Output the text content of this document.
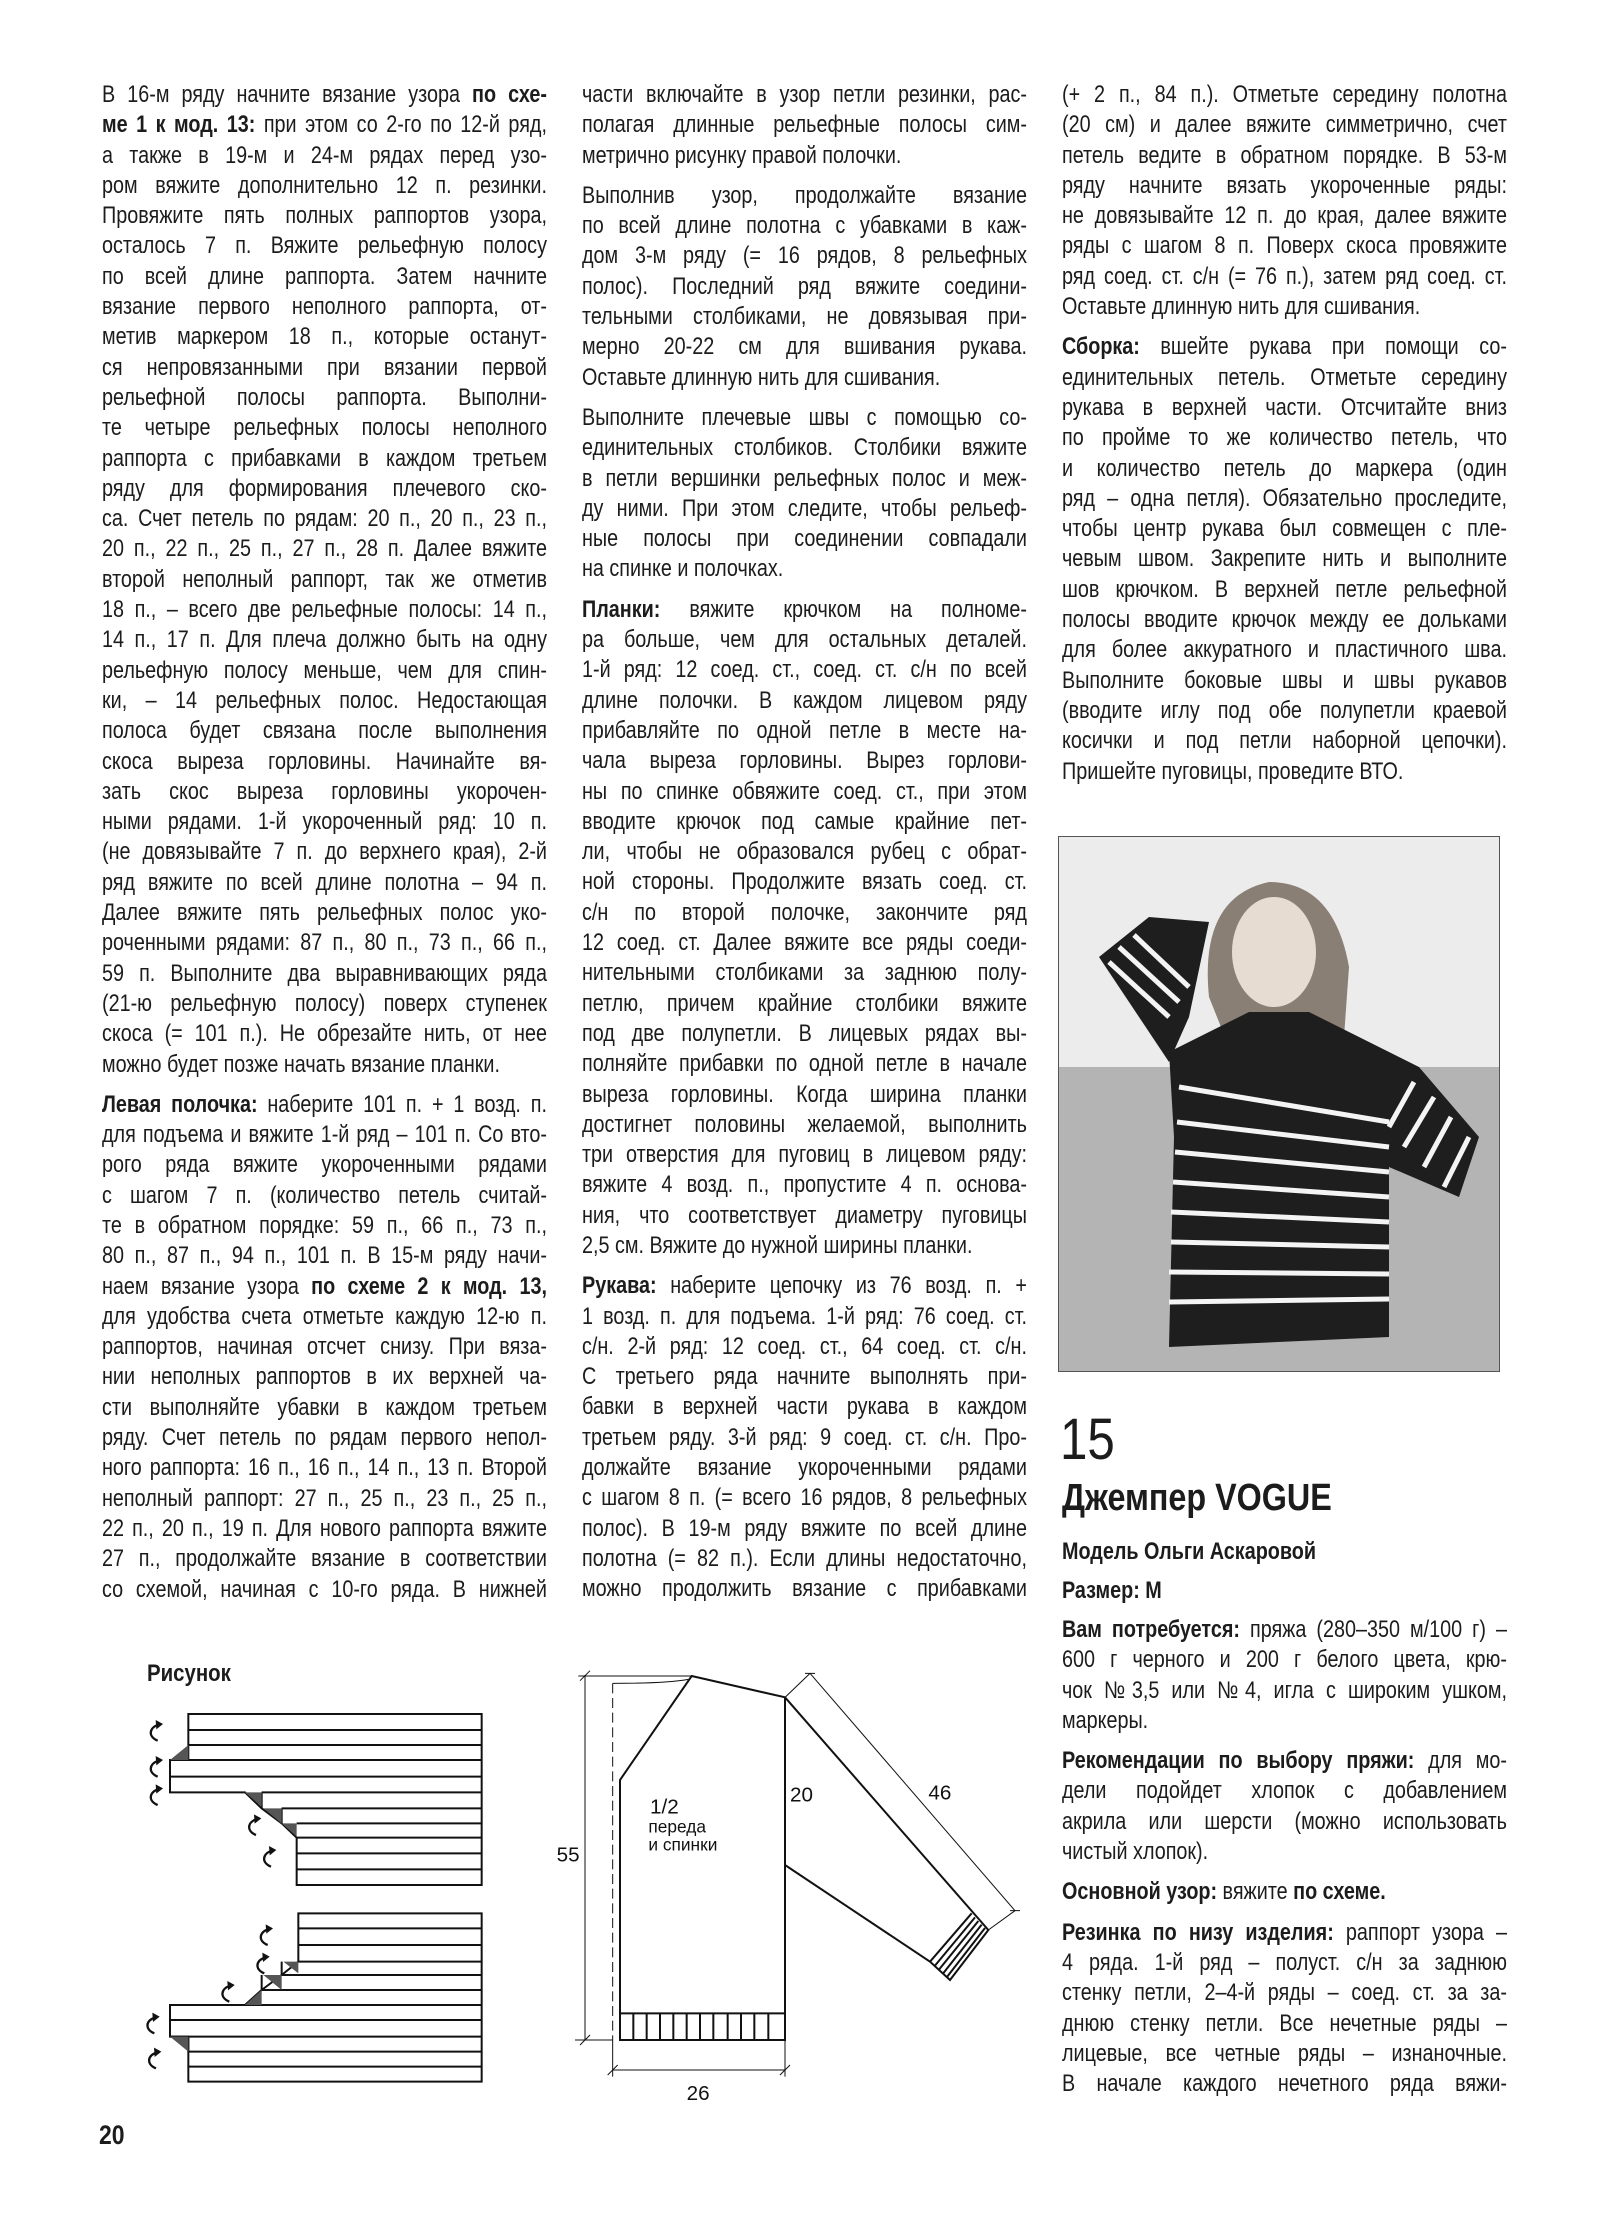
В 16-м ряду начните вязание узора по схе-
ме 1 к мод. 13: при этом со 2-го по 12-й ряд,
а также в 19-м и 24-м рядах перед узо-
ром вяжите дополнительно 12 п. резинки.
Провяжите пять полных раппортов узора,
осталось 7 п. Вяжите рельефную полосу
по всей длине раппорта. Затем начните
вязание первого неполного раппорта, от-
метив маркером 18 п., которые останут-
ся непровязанными при вязании первой
рельефной полосы раппорта. Выполни-
те четыре рельефных полосы неполного
раппорта с прибавками в каждом третьем
ряду для формирования плечевого ско-
са. Счет петель по рядам: 20 п., 20 п., 23 п.,
20 п., 22 п., 25 п., 27 п., 28 п. Далее вяжите
второй неполный раппорт, так же отметив
18 п., – всего две рельефные полосы: 14 п.,
14 п., 17 п. Для плеча должно быть на одну
рельефную полосу меньше, чем для спин-
ки, – 14 рельефных полос. Недостающая
полоса будет связана после выполнения
скоса выреза горловины. Начинайте вя-
зать скос выреза горловины укорочен-
ными рядами. 1-й укороченный ряд: 10 п.
(не довязывайте 7 п. до верхнего края), 2-й
ряд вяжите по всей длине полотна – 94 п.
Далее вяжите пять рельефных полос уко-
роченными рядами: 87 п., 80 п., 73 п., 66 п.,
59 п. Выполните два выравнивающих ряда
(21-ю рельефную полосу) поверх ступенек
скоса (= 101 п.). Не обрезайте нить, от нее
можно будет позже начать вязание планки.
Левая полочка: наберите 101 п. + 1 возд. п.
для подъема и вяжите 1-й ряд – 101 п. Со вто-
рого ряда вяжите укороченными рядами
с шагом 7 п. (количество петель считай-
те в обратном порядке: 59 п., 66 п., 73 п.,
80 п., 87 п., 94 п., 101 п. В 15-м ряду начи-
наем вязание узора по схеме 2 к мод. 13,
для удобства счета отметьте каждую 12-ю п.
раппортов, начиная отсчет снизу. При вяза-
нии неполных раппортов в их верхней ча-
сти выполняйте убавки в каждом третьем
ряду. Счет петель по рядам первого непол-
ного раппорта: 16 п., 16 п., 14 п., 13 п. Второй
неполный раппорт: 27 п., 25 п., 23 п., 25 п.,
22 п., 20 п., 19 п. Для нового раппорта вяжите
27 п., продолжайте вязание в соответствии
со схемой, начиная с 10-го ряда. В нижней
части включайте в узор петли резинки, рас-
полагая длинные рельефные полосы сим-
метрично рисунку правой полочки.
Выполнив узор, продолжайте вязание
по всей длине полотна с убавками в каж-
дом 3-м ряду (= 16 рядов, 8 рельефных
полос). Последний ряд вяжите соедини-
тельными столбиками, не довязывая при-
мерно 20-22 см для вшивания рукава.
Оставьте длинную нить для сшивания.
Выполните плечевые швы с помощью со-
единительных столбиков. Столбики вяжите
в петли вершинки рельефных полос и меж-
ду ними. При этом следите, чтобы рельеф-
ные полосы при соединении совпадали
на спинке и полочках.
Планки: вяжите крючком на полноме-
ра больше, чем для остальных деталей.
1-й ряд: 12 соед. ст., соед. ст. с/н по всей
длине полочки. В каждом лицевом ряду
прибавляйте по одной петле в месте на-
чала выреза горловины. Вырез горлови-
ны по спинке обвяжите соед. ст., при этом
вводите крючок под самые крайние пет-
ли, чтобы не образовался рубец с обрат-
ной стороны. Продолжите вязать соед. ст.
с/н по второй полочке, закончите ряд
12 соед. ст. Далее вяжите все ряды соеди-
нительными столбиками за заднюю полу-
петлю, причем крайние столбики вяжите
под две полупетли. В лицевых рядах вы-
полняйте прибавки по одной петле в начале
выреза горловины. Когда ширина планки
достигнет половины желаемой, выполнить
три отверстия для пуговиц в лицевом ряду:
вяжите 4 возд. п., пропустите 4 п. основа-
ния, что соответствует диаметру пуговицы
2,5 см. Вяжите до нужной ширины планки.
Рукава: наберите цепочку из 76 возд. п. +
1 возд. п. для подъема. 1-й ряд: 76 соед. ст.
с/н. 2-й ряд: 12 соед. ст., 64 соед. ст. с/н.
С третьего ряда начните выполнять при-
бавки в верхней части рукава в каждом
третьем ряду. 3-й ряд: 9 соед. ст. с/н. Про-
должайте вязание укороченными рядами
с шагом 8 п. (= всего 16 рядов, 8 рельефных
полос). В 19-м ряду вяжите по всей длине
полотна (= 82 п.). Если длины недостаточно,
можно продолжить вязание с прибавками
(+ 2 п., 84 п.). Отметьте середину полотна
(20 см) и далее вяжите симметрично, счет
петель ведите в обратном порядке. В 53-м
ряду начните вязать укороченные ряды:
не довязывайте 12 п. до края, далее вяжите
ряды с шагом 8 п. Поверх скоса провяжите
ряд соед. ст. с/н (= 76 п.), затем ряд соед. ст.
Оставьте длинную нить для сшивания.
Сборка: вшейте рукава при помощи со-
единительных петель. Отметьте середину
рукава в верхней части. Отсчитайте вниз
по пройме то же количество петель, что
и количество петель до маркера (один
ряд – одна петля). Обязательно проследите,
чтобы центр рукава был совмещен с пле-
чевым швом. Закрепите нить и выполните
шов крючком. В верхней петле рельефной
полосы вводите крючок между ее дольками
для более аккуратного и пластичного шва.
Выполните боковые швы и швы рукавов
(вводите иглу под обе полупетли краевой
косички и под петли наборной цепочки).
Пришейте пуговицы, проведите ВТО.
15
Джемпер VOGUE
Модель Ольги Аскаровой
Размер: M
Вам потребуется: пряжа (280–350 м/100 г) –
600 г черного и 200 г белого цвета, крю-
чок №3,5 или №4, игла с широким ушком,
маркеры.
Рекомендации по выбору пряжи: для мо-
дели подойдет хлопок с добавлением
акрила или шерсти (можно использовать
чистый хлопок).
Основной узор: вяжите по схеме.
Резинка по низу изделия: раппорт узора –
4 ряда. 1-й ряд – полуст. с/н за заднюю
стенку петли, 2–4-й ряды – соед. ст. за за-
днюю стенку петли. Все нечетные ряды –
лицевые, все четные ряды – изнаночные.
В начале каждого нечетного ряда вяжи-
Рисунок
55
20 46
26
1/2
переда
и спинки
20
